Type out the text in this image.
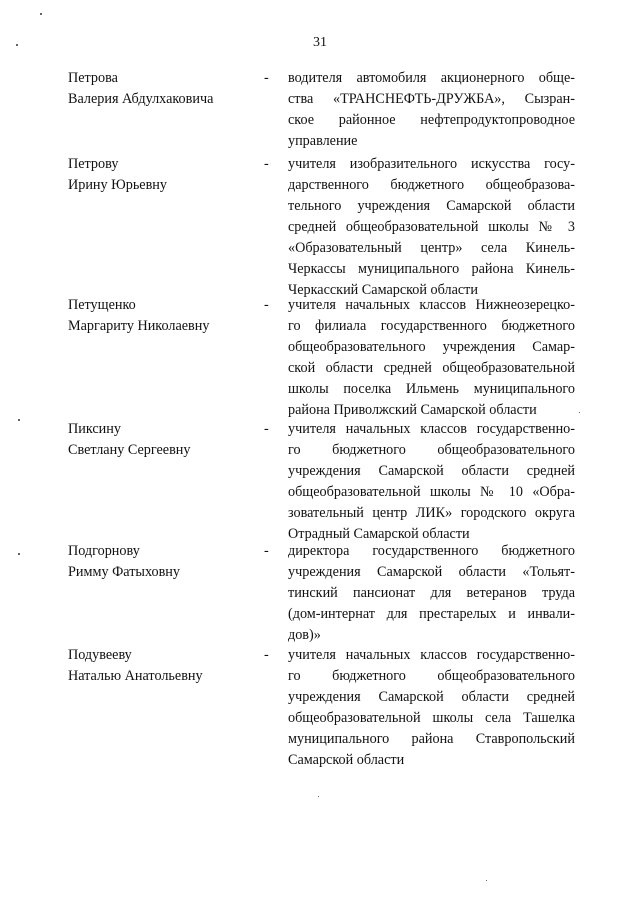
31
Петрова
Валерия Абдулхаковича
- водителя автомобиля акционерного обще-
ства «ТРАНСНЕФТЬ-ДРУЖБА», Сызран-
ское районное нефтепродуктопроводное
управление
Петрову
Ирину Юрьевну
- учителя изобразительного искусства госу-
дарственного бюджетного общеобразова-
тельного учреждения Самарской области
средней общеобразовательной школы № 3
«Образовательный центр» села Кинель-
Черкассы муниципального района Кинель-
Черкасский Самарской области
Петущенко
Маргариту Николаевну
- учителя начальных классов Нижнеозерецко-
го филиала государственного бюджетного
общеобразовательного учреждения Самар-
ской области средней общеобразовательной
школы поселка Ильмень муниципального
района Приволжский Самарской области
Пиксину
Светлану Сергеевну
- учителя начальных классов государственно-
го бюджетного общеобразовательного
учреждения Самарской области средней
общеобразовательной школы № 10 «Обра-
зовательный центр ЛИК» городского округа
Отрадный Самарской области
Подгорнову
Римму Фатыховну
- директора государственного бюджетного
учреждения Самарской области «Тольят-
тинский пансионат для ветеранов труда
(дом-интернат для престарелых и инвали-
дов)»
Подувееву
Наталью Анатольевну
- учителя начальных классов государственно-
го бюджетного общеобразовательного
учреждения Самарской области средней
общеобразовательной школы села Ташелка
муниципального района Ставропольский
Самарской области
